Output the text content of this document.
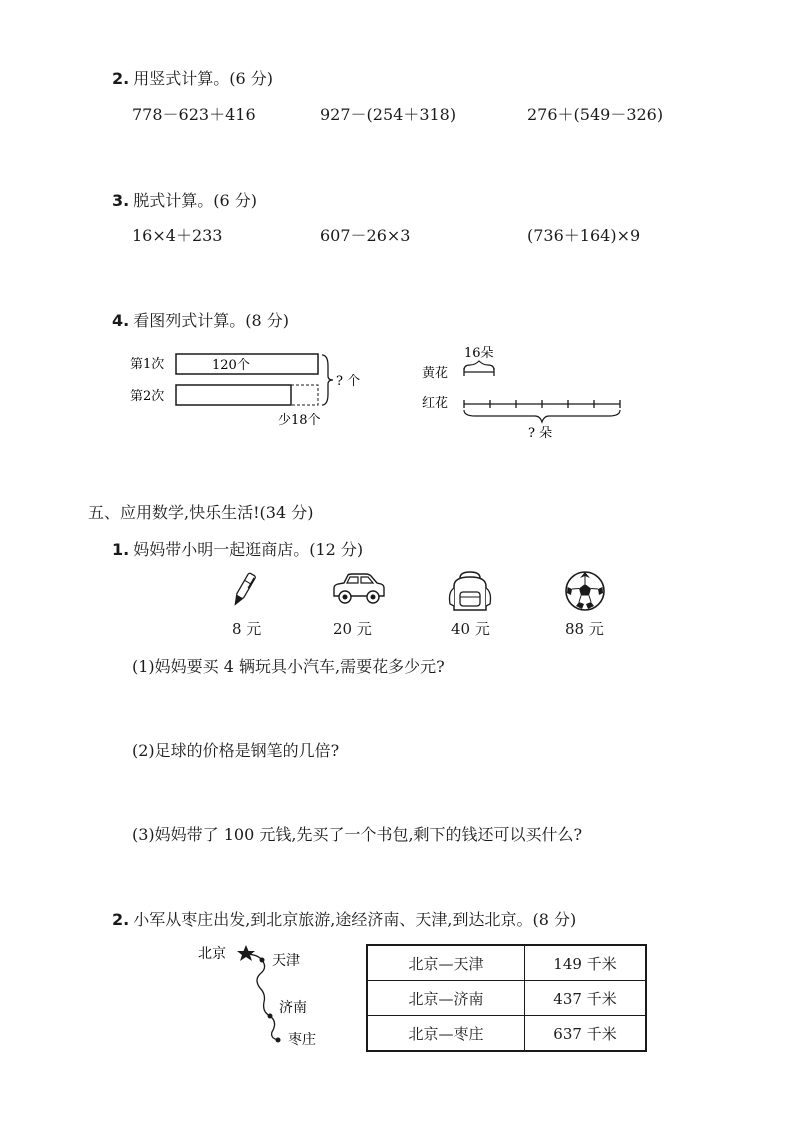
2. 用竖式计算。(6 分)
778－623＋416	927－(254＋318)	276＋(549－326)
3. 脱式计算。(6 分)
16×4＋233	607－26×3	(736＋164)×9
4. 看图列式计算。(8 分)
第1次	120个
第2次
? 个
少18个
16朵
黄花
红花
? 朵
五、应用数学,快乐生活!(34 分)
1. 妈妈带小明一起逛商店。(12 分)
8 元	20 元	40 元	88 元
(1)妈妈要买 4 辆玩具小汽车,需要花多少元?
(2)足球的价格是钢笔的几倍?
(3)妈妈带了 100 元钱,先买了一个书包,剩下的钱还可以买什么?
2. 小军从枣庄出发,到北京旅游,途经济南、天津,到达北京。(8 分)
北京	天津
济南
枣庄
北京—天津	149 千米
北京—济南	437 千米
北京—枣庄	637 千米
